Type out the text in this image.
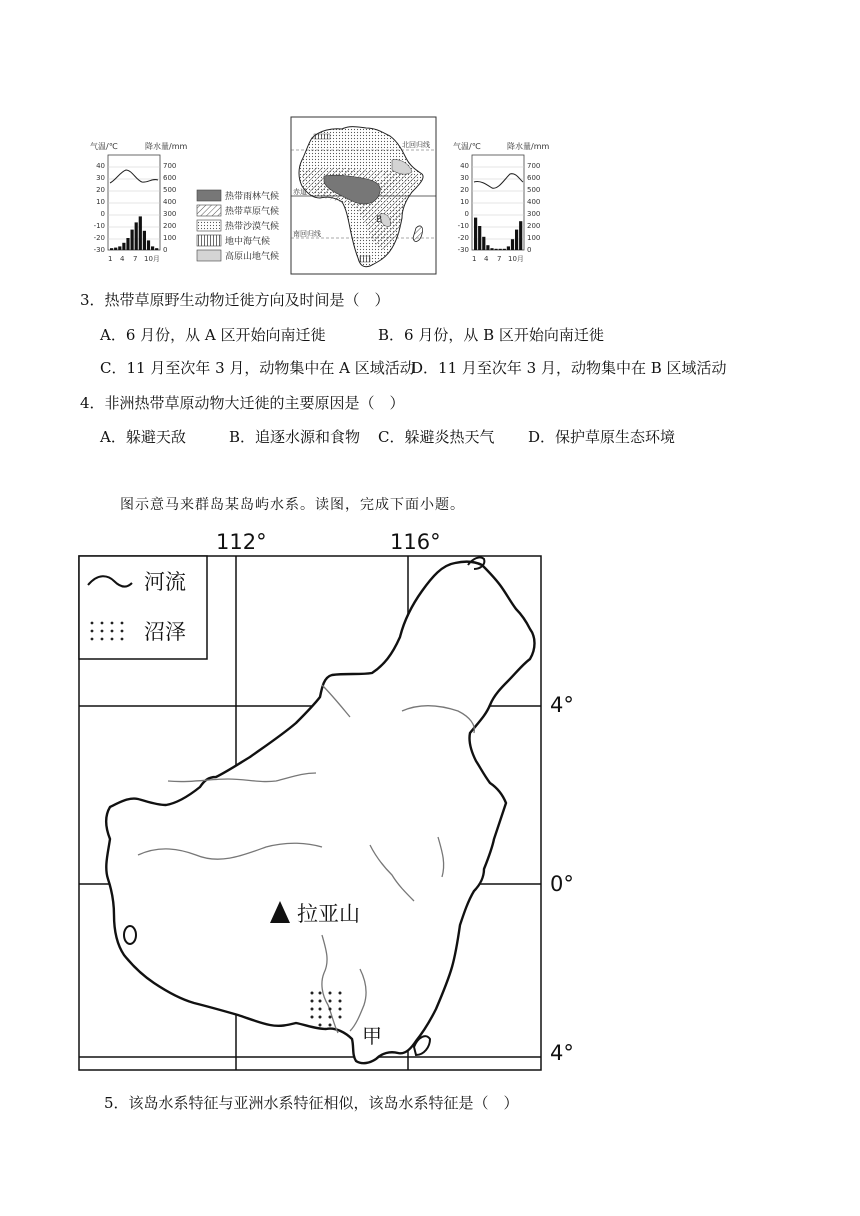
气温/℃	降水量/mm
40
30
20
10
0
-10
-20
-30
700
600
500
400
300
200
100
0
1 4 7 10月
热带雨林气候
热带草原气候
热带沙漠气候
地中海气候
高原山地气候
北回归线
赤道
南回归线
A
B
气温/℃	降水量/mm
40
30
20
10
0
-10
-20
-30
700
600
500
400
300
200
100
0
1 4 7 10月
3．热带草原野生动物迁徙方向及时间是（　）
A．6 月份，从 A 区开始向南迁徙	B．6 月份，从 B 区开始向南迁徙
C．11 月至次年 3 月，动物集中在 A 区域活动
D．11 月至次年 3 月，动物集中在 B 区域活动
4．非洲热带草原动物大迁徙的主要原因是（　）
A．躲避天敌	B．追逐水源和食物 C．躲避炎热天气 D．保护草原生态环境
图示意马来群岛某岛屿水系。读图，完成下面小题。
112°	116°
4°
0°
4°
拉亚山
甲
河流
沼泽
5．该岛水系特征与亚洲水系特征相似，该岛水系特征是（　）
